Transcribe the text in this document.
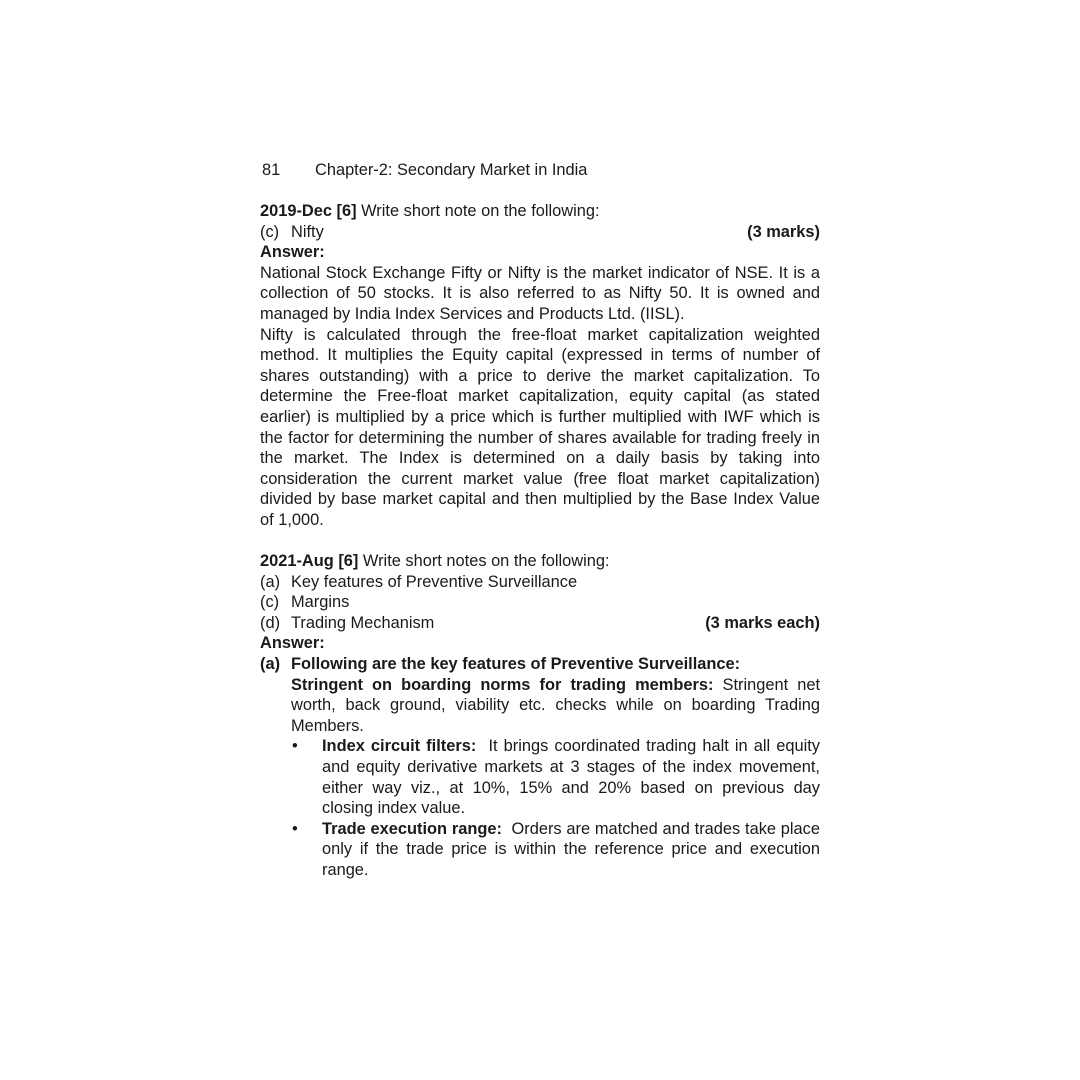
81	Chapter-2: Secondary Market in India
2019-Dec [6] Write short note on the following:
(c) Nifty	(3 marks)
Answer:
National Stock Exchange Fifty or Nifty is the market indicator of NSE. It is a collection of 50 stocks. It is also referred to as Nifty 50. It is owned and managed by India Index Services and Products Ltd. (IISL).
Nifty is calculated through the free-float market capitalization weighted method. It multiplies the Equity capital (expressed in terms of number of shares outstanding) with a price to derive the market capitalization. To determine the Free-float market capitalization, equity capital (as stated earlier) is multiplied by a price which is further multiplied with IWF which is the factor for determining the number of shares available for trading freely in the market. The Index is determined on a daily basis by taking into consideration the current market value (free float market capitalization) divided by base market capital and then multiplied by the Base Index Value of 1,000.
2021-Aug [6] Write short notes on the following:
(a) Key features of Preventive Surveillance
(c) Margins
(d) Trading Mechanism	(3 marks each)
Answer:
(a) Following are the key features of Preventive Surveillance:
Stringent on boarding norms for trading members: Stringent net worth, back ground, viability etc. checks while on boarding Trading Members.
•	Index circuit filters:  It brings coordinated trading halt in all equity and equity derivative markets at 3 stages of the index movement, either way viz., at 10%, 15% and 20% based on previous day closing index value.
•	Trade execution range:  Orders are matched and trades take place only if the trade price is within the reference price and execution range.
